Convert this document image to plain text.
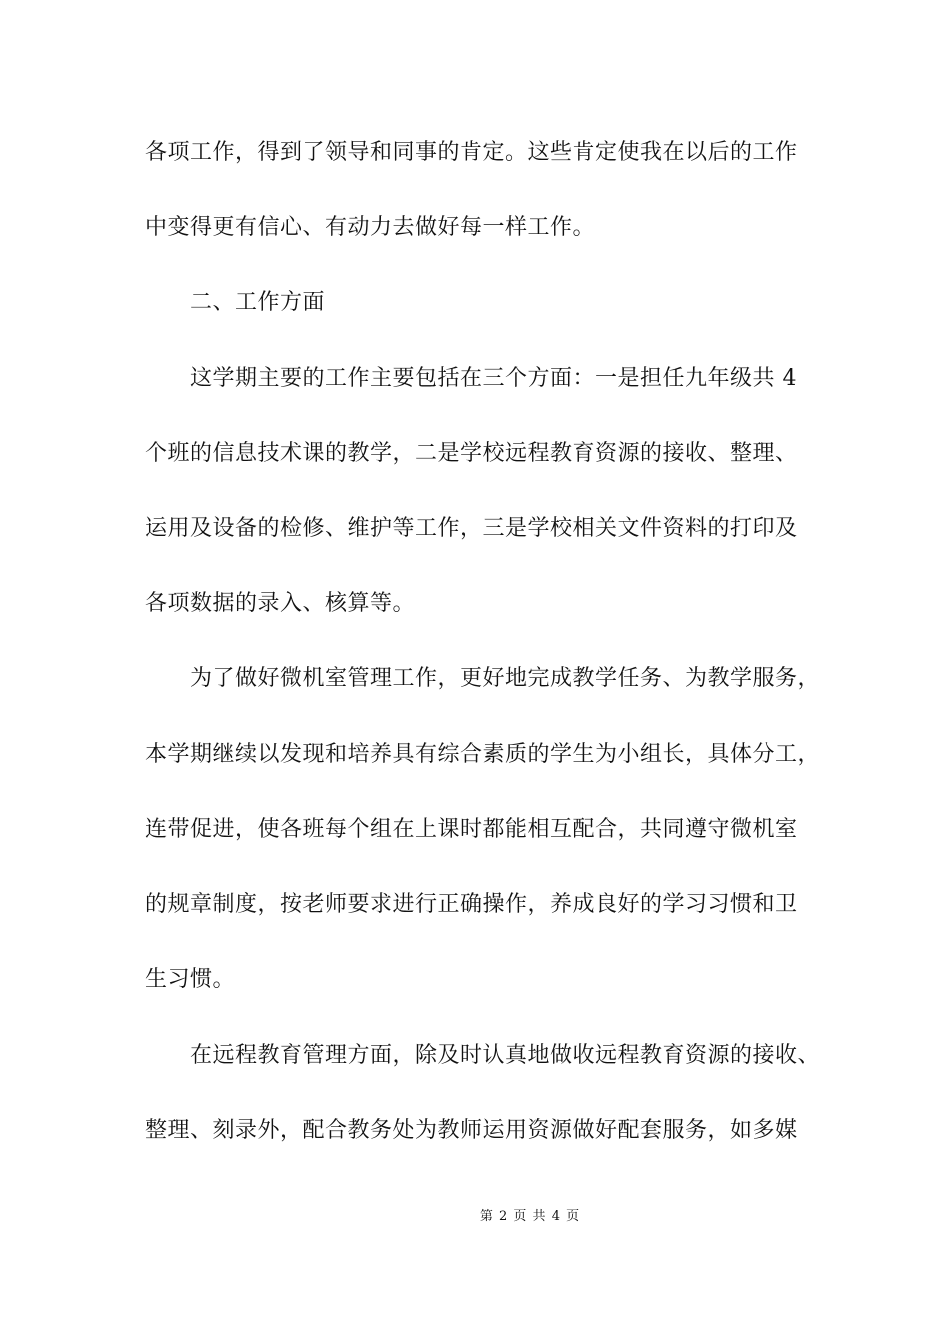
各项工作，得到了领导和同事的肯定。这些肯定使我在以后的工作
中变得更有信心、有动力去做好每一样工作。
二、工作方面
这学期主要的工作主要包括在三个方面：一是担任九年级共 4
个班的信息技术课的教学，二是学校远程教育资源的接收、整理、
运用及设备的检修、维护等工作，三是学校相关文件资料的打印及
各项数据的录入、核算等。
为了做好微机室管理工作，更好地完成教学任务、为教学服务，
本学期继续以发现和培养具有综合素质的学生为小组长，具体分工，
连带促进，使各班每个组在上课时都能相互配合，共同遵守微机室
的规章制度，按老师要求进行正确操作，养成良好的学习习惯和卫
生习惯。
在远程教育管理方面，除及时认真地做收远程教育资源的接收、
整理、刻录外，配合教务处为教师运用资源做好配套服务，如多媒
第 2 页 共 4 页
